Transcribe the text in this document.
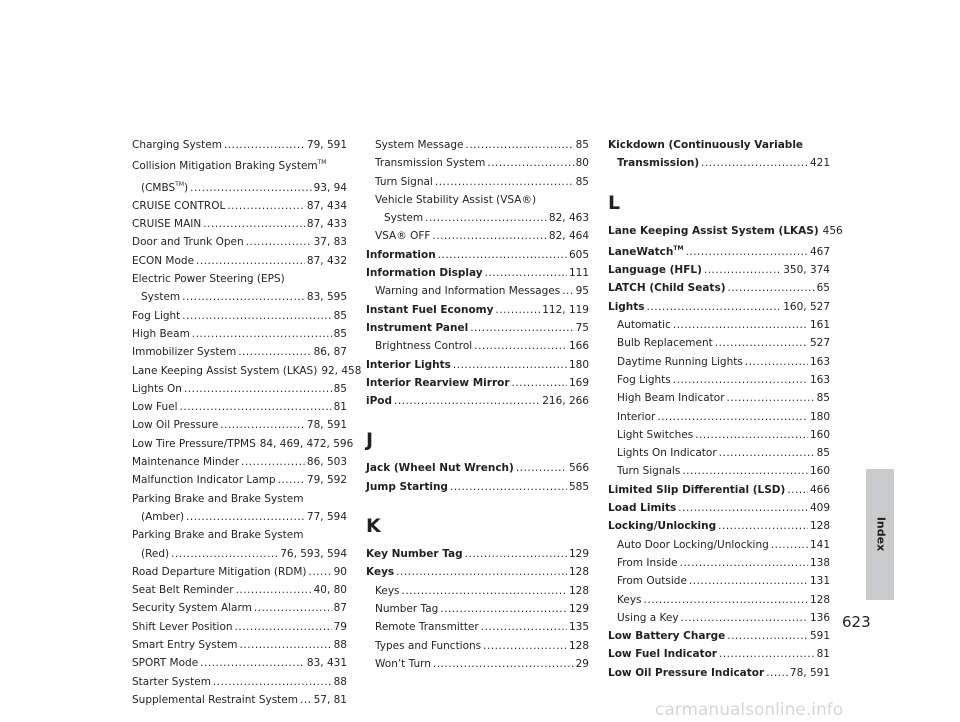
Charging System .....	79, 591
Collision Mitigation Braking System™
(CMBS™) .....	93, 94
CRUISE CONTROL .....	87, 434
CRUISE MAIN .....	87, 433
Door and Trunk Open .....	37, 83
ECON Mode .....	87, 432
Electric Power Steering (EPS)
System .....	83, 595
Fog Light .....	85
High Beam .....	85
Immobilizer System .....	86, 87
Lane Keeping Assist System (LKAS) 92, 458
Lights On .....	85
Low Fuel .....	81
Low Oil Pressure .....	78, 591
Low Tire Pressure/TPMS 84, 469, 472, 596
Maintenance Minder .....	86, 503
Malfunction Indicator Lamp .....	79, 592
Parking Brake and Brake System
(Amber) .....	77, 594
Parking Brake and Brake System
(Red) .....	76, 593, 594
Road Departure Mitigation (RDM) .....	90
Seat Belt Reminder .....	40, 80
Security System Alarm .....	87
Shift Lever Position .....	79
Smart Entry System .....	88
SPORT Mode .....	83, 431
Starter System .....	88
Supplemental Restraint System ..... 57, 81
System Message .....	85
Transmission System .....	80
Turn Signal .....	85
Vehicle Stability Assist (VSA®)
System .....	82, 463
VSA® OFF .....	82, 464
Information .....	605
Information Display .....	111
Warning and Information Messages ..... 95
Instant Fuel Economy .....	112, 119
Instrument Panel .....	75
Brightness Control .....	166
Interior Lights .....	180
Interior Rearview Mirror .....	169
iPod .....	216, 266
J
Jack (Wheel Nut Wrench) .....	566
Jump Starting .....	585
K
Key Number Tag .....	129
Keys .....	128
Keys .....	128
Number Tag .....	129
Remote Transmitter .....	135
Types and Functions .....	128
Won’t Turn .....	29
Kickdown (Continuously Variable
Transmission) .....	421
L
Lane Keeping Assist System (LKAS) 456
LaneWatch™ .....	467
Language (HFL) .....	350, 374
LATCH (Child Seats) .....	65
Lights .....	160, 527
Automatic .....	161
Bulb Replacement .....	527
Daytime Running Lights .....	163
Fog Lights .....	163
High Beam Indicator .....	85
Interior .....	180
Light Switches .....	160
Lights On Indicator .....	85
Turn Signals .....	160
Limited Slip Differential (LSD) ..... 466
Load Limits .....	409
Locking/Unlocking .....	128
Auto Door Locking/Unlocking .....	141
From Inside .....	138
From Outside .....	131
Keys .....	128
Using a Key .....	136
Low Battery Charge .....	591
Low Fuel Indicator .....	81
Low Oil Pressure Indicator ..... 78, 591
Index
623
carmanualsonline.info
